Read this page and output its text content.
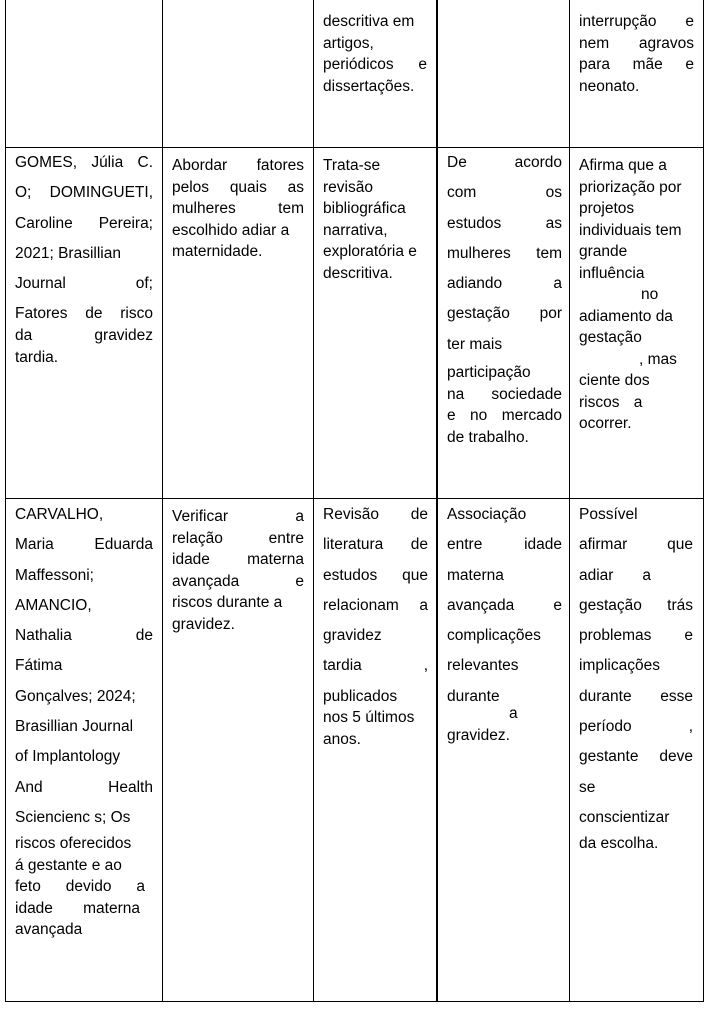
descritiva em

artigos,

periódicos e

dissertações.

interrupção e

nem agravos

para mãe e

neonato.

GOMES, Júlia C.

O; DOMINGUETI,

Caroline Pereira;

2021; Brasillian

Journal of;

Fatores de risco

da gravidez

tardia.

Abordar fatores

pelos quais as

mulheres tem

escolhido adiar a

maternidade.

Trata-se

revisão

bibliográfica

narrativa,

exploratória e

descritiva.

De acordo

com os

estudos as

mulheres tem

adiando a

gestação por

ter mais

participação

na sociedade

e no mercado

de trabalho.

Afirma que a

priorização por

projetos

individuais tem

grande

influência

no

adiamento da

gestação

, mas

ciente dos

riscos a

ocorrer.

CARVALHO,

Maria Eduarda

Maffessoni;

AMANCIO,

Nathalia de

Fátima

Gonçalves; 2024;

Brasillian Journal

of Implantology

And Health

Sciencienc s; Os

riscos oferecidos

á gestante e ao

feto devido a

idade materna

avançada

Verificar a

relação entre

idade materna

avançada e

riscos durante a

gravidez.

Revisão de

literatura de

estudos que

relacionam a

gravidez

tardia ,

publicados

nos 5 últimos

anos.

Associação

entre idade

materna

avançada e

complicações

relevantes

durante

a

gravidez.

Possível

afirmar que

adiar a

gestação trás

problemas e

implicações

durante esse

período ,

gestante deve

se

conscientizar

da escolha.
